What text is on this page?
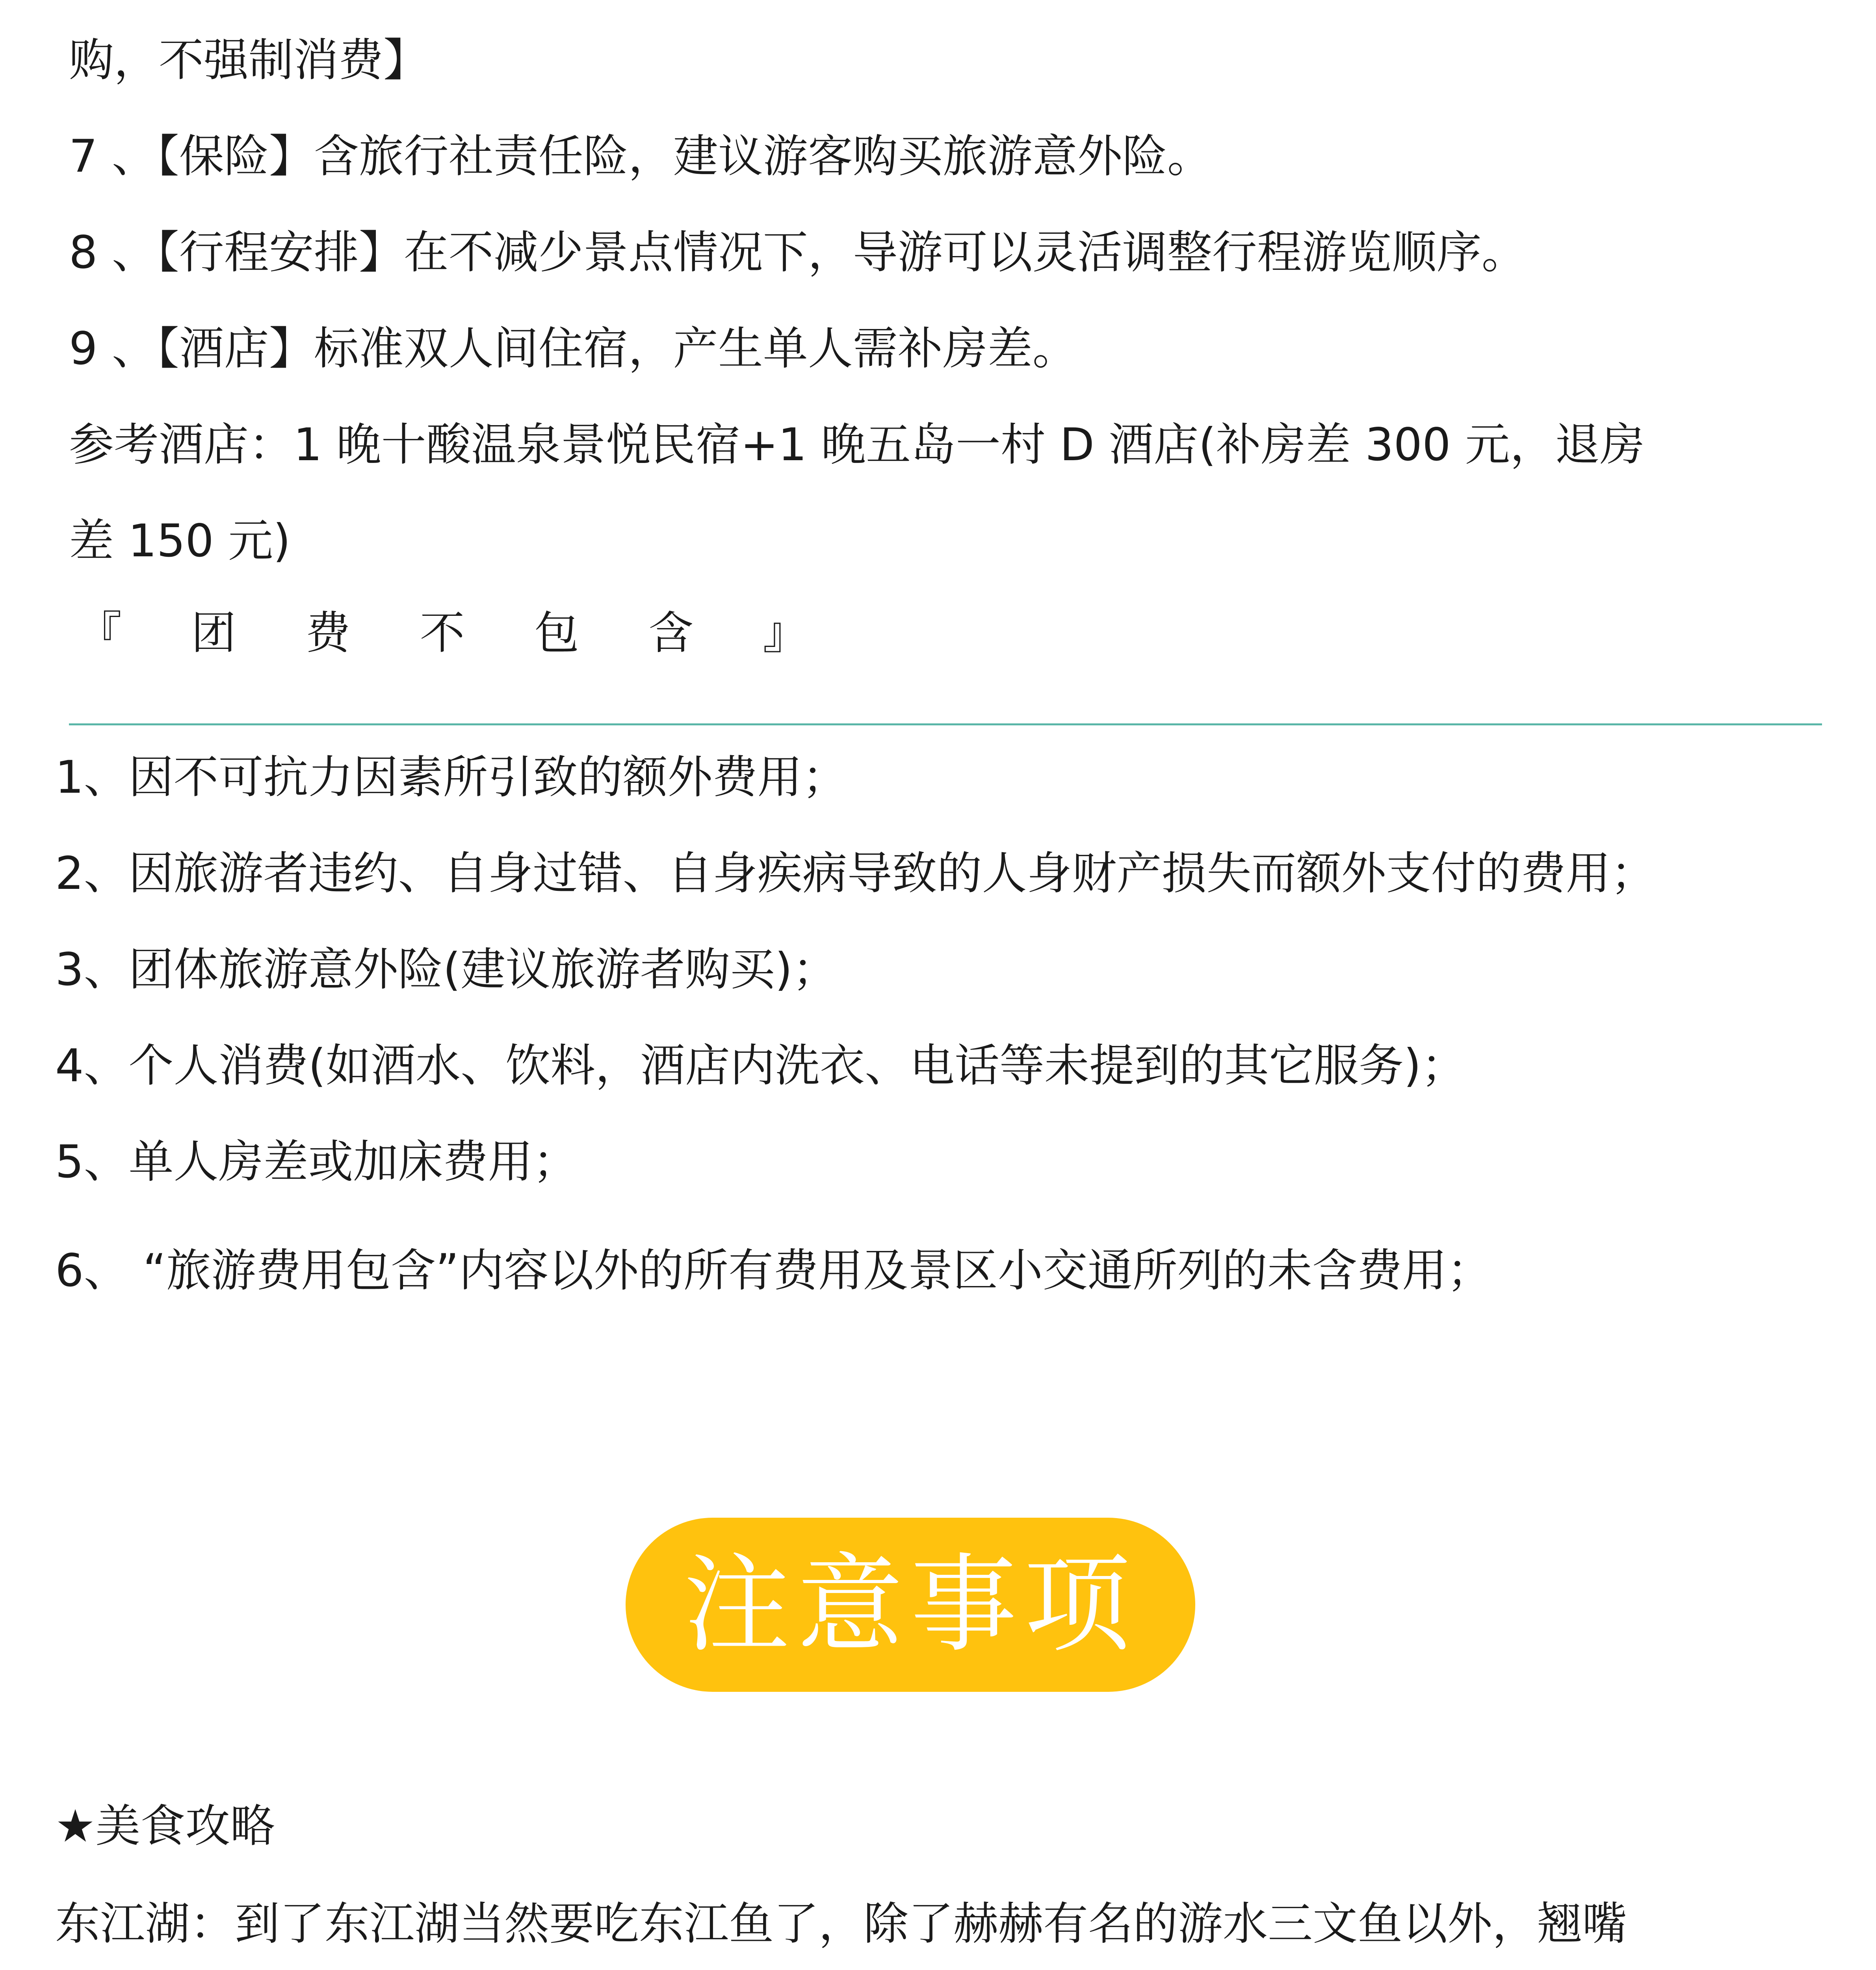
购，不强制消费】

7 、【保险】含旅行社责任险，建议游客购买旅游意外险。

8 、【行程安排】在不减少景点情况下，导游可以灵活调整行程游览顺序。

9 、【酒店】标准双人间住宿，产生单人需补房差。

参考酒店：1 晚十酸温泉景悦民宿+1 晚五岛一村 D 酒店(补房差 300 元，退房

差 150 元)

『 团 费 不 包 含 』

1、因不可抗力因素所引致的额外费用；

2、因旅游者违约、自身过错、自身疾病导致的人身财产损失而额外支付的费用；

3、团体旅游意外险(建议旅游者购买)；

4、个人消费(如酒水、饮料，酒店内洗衣、电话等未提到的其它服务)；

5、单人房差或加床费用；

6、 “旅游费用包含”内容以外的所有费用及景区小交通所列的未含费用；

注意事项

★美食攻略

东江湖：到了东江湖当然要吃东江鱼了，除了赫赫有名的游水三文鱼以外，翘嘴
